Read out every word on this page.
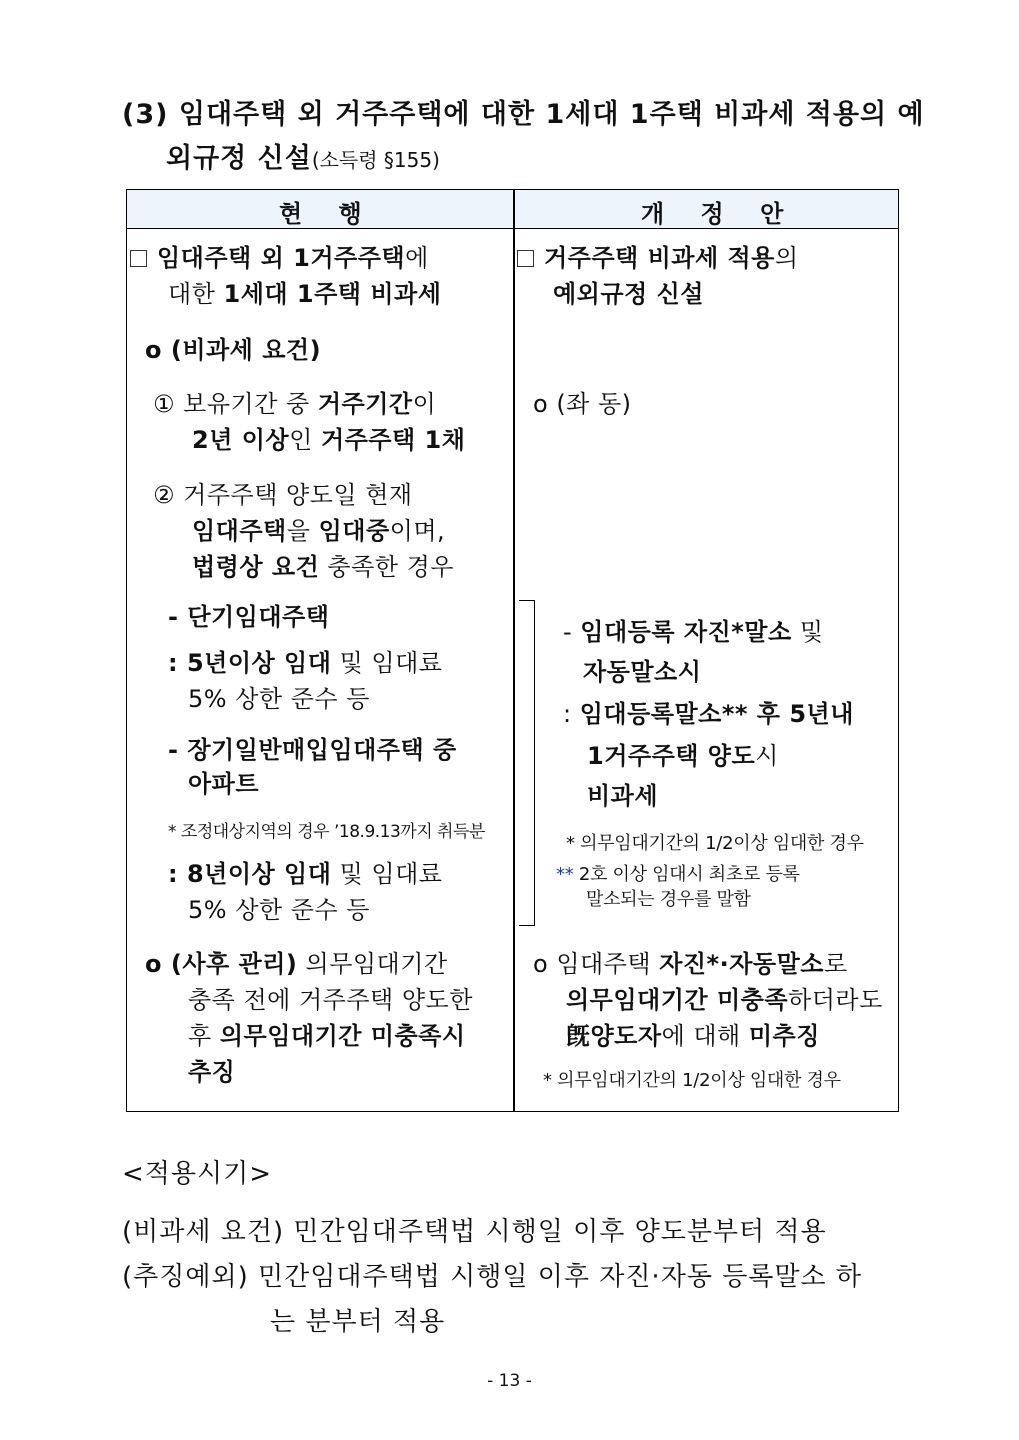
(3) 임대주택 외 거주주택에 대한 1세대 1주택 비과세 적용의 예
외규정 신설(소득령 §155)
현 행	개 정 안
임대주택 외 1거주주택에
대한 1세대 1주택 비과세
o (비과세 요건)
① 보유기간 중 거주기간이
2년 이상인 거주주택 1채
② 거주주택 양도일 현재
임대주택을 임대중이며,
법령상 요건 충족한 경우
- 단기임대주택
: 5년이상 임대 및 임대료
5% 상한 준수 등
- 장기일반매입임대주택 중
아파트
* 조정대상지역의 경우 ’18.9.13까지 취득분
: 8년이상 임대 및 임대료
5% 상한 준수 등
o (사후 관리) 의무임대기간
충족 전에 거주주택 양도한
후 의무임대기간 미충족시
추징
거주주택 비과세 적용의
예외규정 신설
o (좌 동)
- 임대등록 자진*말소 및
자동말소시
: 임대등록말소** 후 5년내
1거주주택 양도시
비과세
* 의무임대기간의 1/2이상 임대한 경우
** 2호 이상 임대시 최초로 등록
말소되는 경우를 말함
o 임대주택 자진*·자동말소로
의무임대기간 미충족하더라도
旣양도자에 대해 미추징
* 의무임대기간의 1/2이상 임대한 경우
<적용시기>
(비과세 요건) 민간임대주택법 시행일 이후 양도분부터 적용
(추징예외) 민간임대주택법 시행일 이후 자진·자동 등록말소 하
는 분부터 적용
- 13 -
